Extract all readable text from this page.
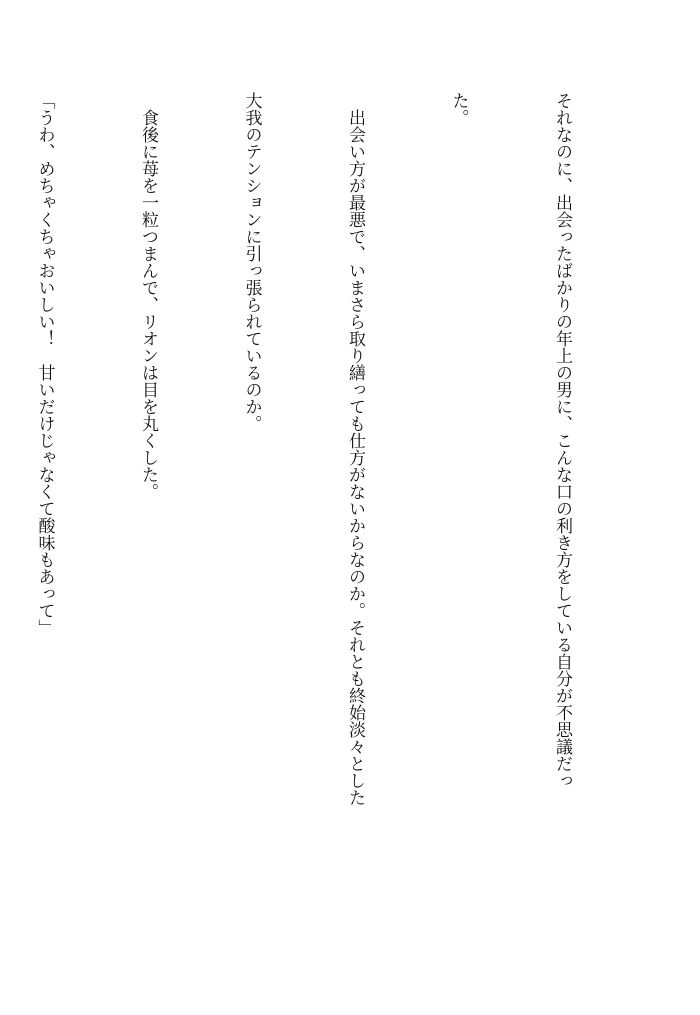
それなのに、出会ったばかりの年上の男に、こんな口の利き方をしている自分が不思議だっ

た。

　出会い方が最悪で、いまさら取り繕っても仕方がないからなのか。それとも終始淡々とした

大我のテンションに引っ張られているのか。

　食後に苺を一粒つまんで、リオンは目を丸くした。

「うわ、めちゃくちゃおいしい！　甘いだけじゃなくて酸味もあって」
